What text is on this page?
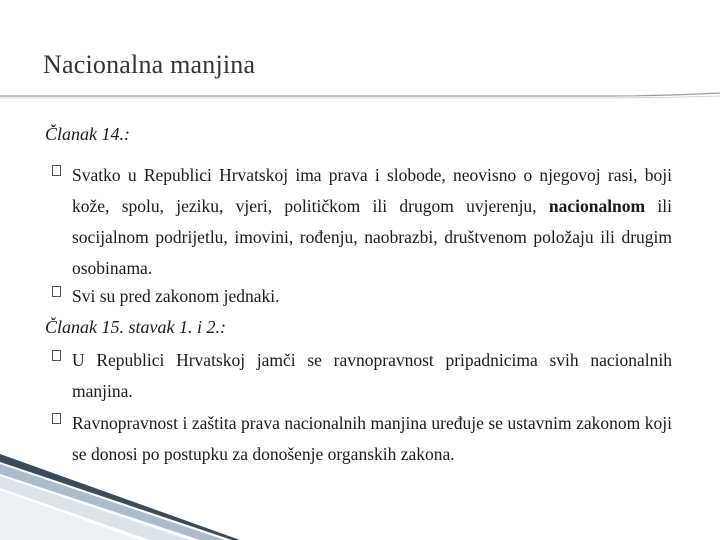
Nacionalna manjina
Članak 14.:
Svatko u Republici Hrvatskoj ima prava i slobode, neovisno o njegovoj rasi, boji kože, spolu, jeziku, vjeri, političkom ili drugom uvjerenju, nacionalnom ili socijalnom podrijetlu, imovini, rođenju, naobrazbi, društvenom položaju ili drugim osobinama.
Svi su pred zakonom jednaki.
Članak 15. stavak 1. i 2.:
U Republici Hrvatskoj jamči se ravnopravnost pripadnicima svih nacionalnih manjina.
Ravnopravnost i zaštita prava nacionalnih manjina uređuje se ustavnim zakonom koji se donosi po postupku za donošenje organskih zakona.
